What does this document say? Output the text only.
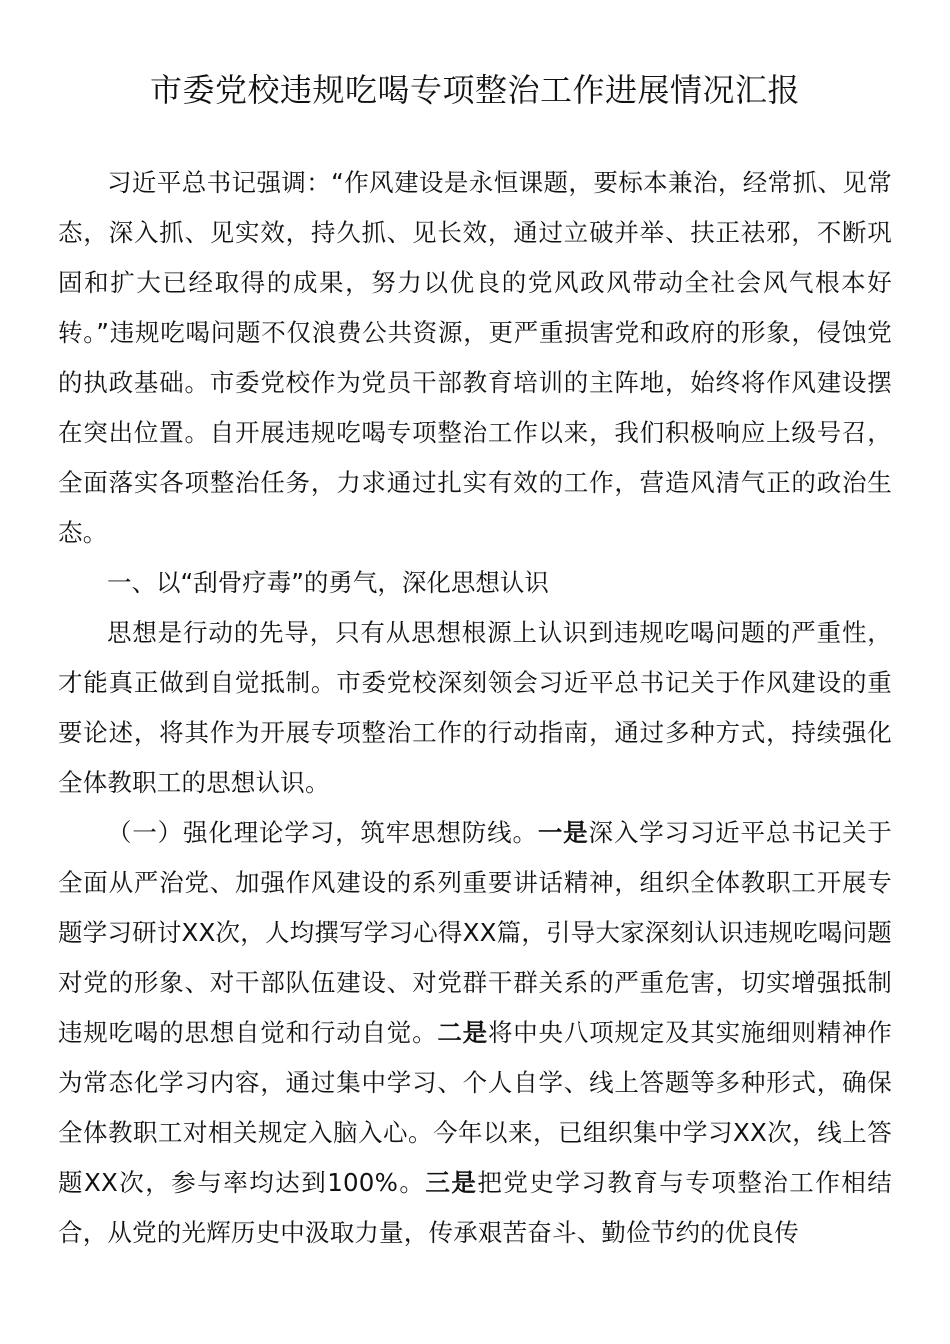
市委党校违规吃喝专项整治工作进展情况汇报

习近平总书记强调：“作风建设是永恒课题，要标本兼治，经常抓、见常态，深入抓、见实效，持久抓、见长效，通过立破并举、扶正祛邪，不断巩固和扩大已经取得的成果，努力以优良的党风政风带动全社会风气根本好转。”违规吃喝问题不仅浪费公共资源，更严重损害党和政府的形象，侵蚀党的执政基础。市委党校作为党员干部教育培训的主阵地，始终将作风建设摆在突出位置。自开展违规吃喝专项整治工作以来，我们积极响应上级号召，全面落实各项整治任务，力求通过扎实有效的工作，营造风清气正的政治生态。

一、以“刮骨疗毒”的勇气，深化思想认识

思想是行动的先导，只有从思想根源上认识到违规吃喝问题的严重性，才能真正做到自觉抵制。市委党校深刻领会习近平总书记关于作风建设的重要论述，将其作为开展专项整治工作的行动指南，通过多种方式，持续强化全体教职工的思想认识。

（一）强化理论学习，筑牢思想防线。一是深入学习习近平总书记关于全面从严治党、加强作风建设的系列重要讲话精神，组织全体教职工开展专题学习研讨XX次，人均撰写学习心得XX篇，引导大家深刻认识违规吃喝问题对党的形象、对干部队伍建设、对党群干群关系的严重危害，切实增强抵制违规吃喝的思想自觉和行动自觉。二是将中央八项规定及其实施细则精神作为常态化学习内容，通过集中学习、个人自学、线上答题等多种形式，确保全体教职工对相关规定入脑入心。今年以来，已组织集中学习XX次，线上答题XX次，参与率均达到100%。三是把党史学习教育与专项整治工作相结合，从党的光辉历史中汲取力量，传承艰苦奋斗、勤俭节约的优良传
